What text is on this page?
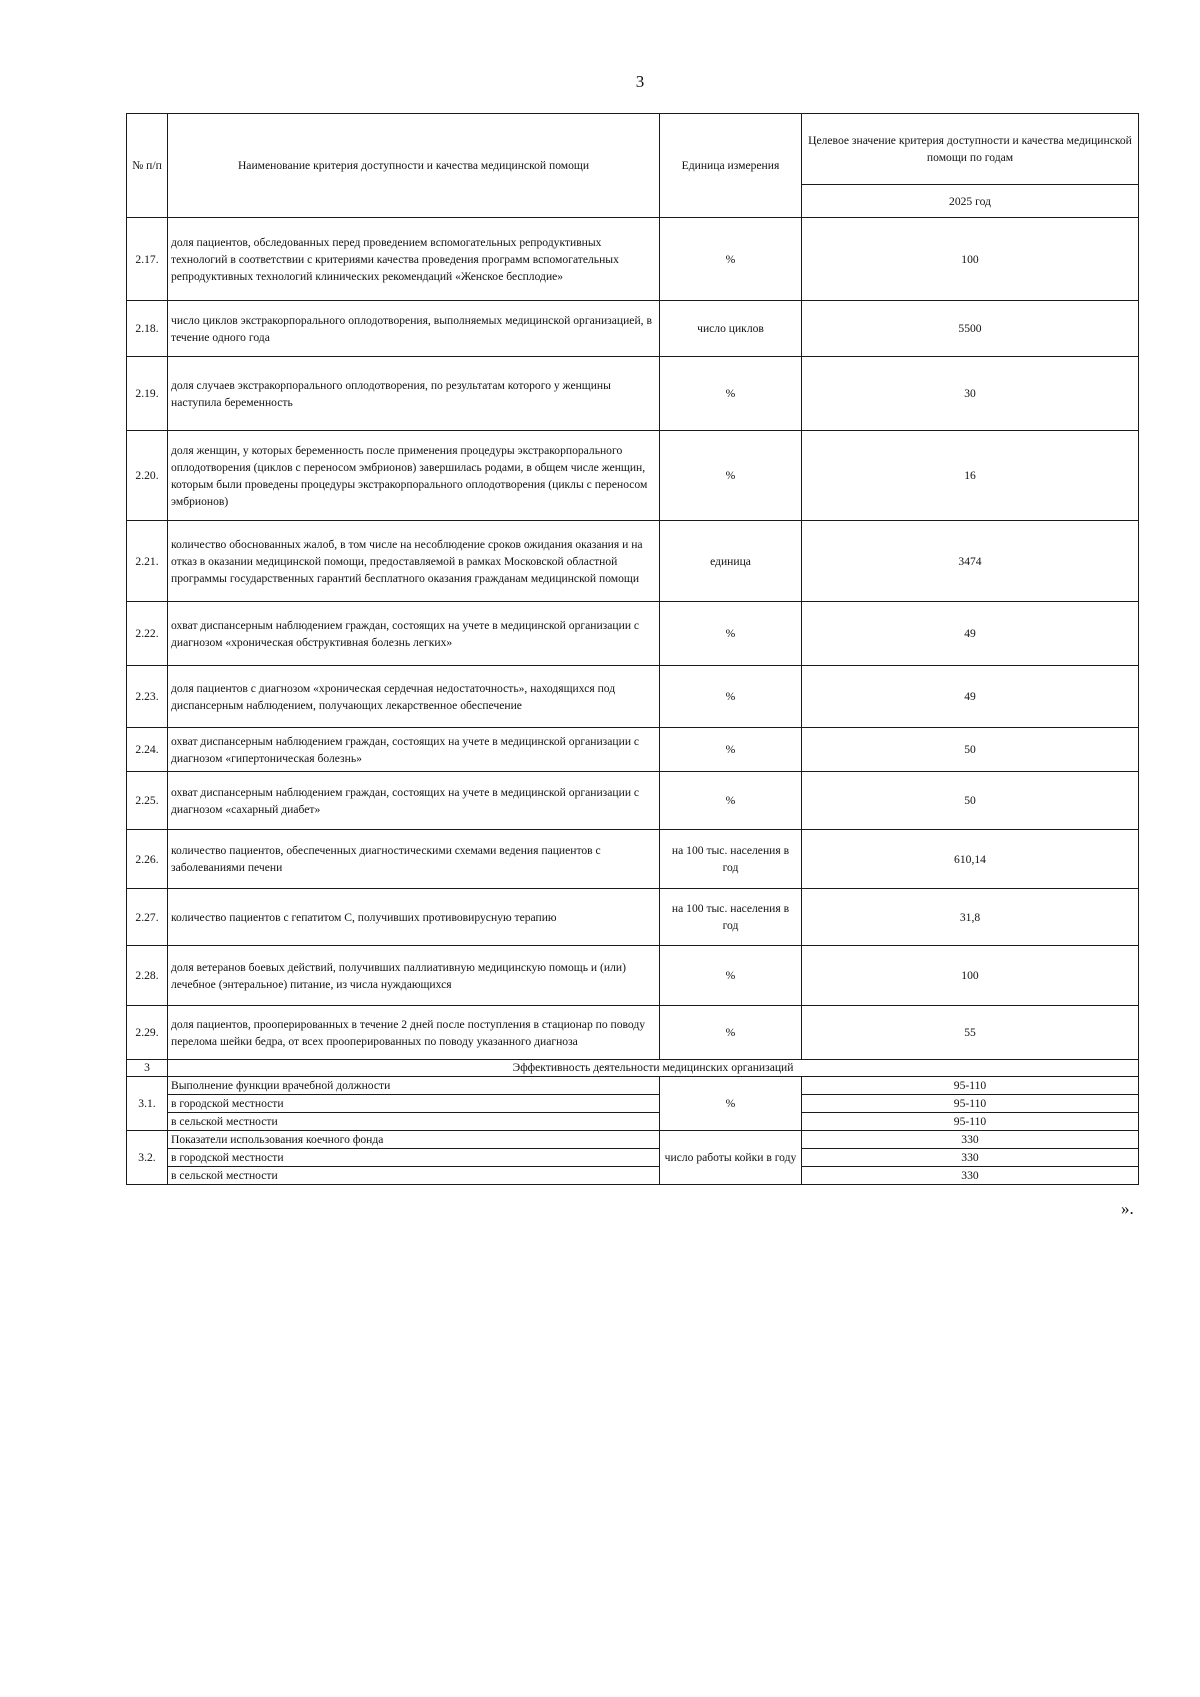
3
№ п/п	Наименование критерия доступности и качества медицинской помощи	Единица измерения	Целевое значение критерия доступности и качества медицинской помощи по годам
			2025 год
2.17.	доля пациентов, обследованных перед проведением вспомогательных репродуктивных технологий в соответствии с критериями качества проведения программ вспомогательных репродуктивных технологий клинических рекомендаций «Женское бесплодие»	%	100
2.18.	число циклов экстракорпорального оплодотворения, выполняемых медицинской организацией, в течение одного года	число циклов	5500
2.19.	доля случаев экстракорпорального оплодотворения, по результатам которого у женщины наступила беременность	%	30
2.20.	доля женщин, у которых беременность после применения процедуры экстракорпорального оплодотворения (циклов с переносом эмбрионов) завершилась родами, в общем числе женщин, которым были проведены процедуры экстракорпорального оплодотворения (циклы с переносом эмбрионов)	%	16
2.21.	количество обоснованных жалоб, в том числе на несоблюдение сроков ожидания оказания и на отказ в оказании медицинской помощи, предоставляемой в рамках Московской областной программы государственных гарантий бесплатного оказания гражданам медицинской помощи	единица	3474
2.22.	охват диспансерным наблюдением граждан, состоящих на учете в медицинской организации с диагнозом «хроническая обструктивная болезнь легких»	%	49
2.23.	доля пациентов с диагнозом «хроническая сердечная недостаточность», находящихся под диспансерным наблюдением, получающих лекарственное обеспечение	%	49
2.24.	охват диспансерным наблюдением граждан, состоящих на учете в медицинской организации с диагнозом «гипертоническая болезнь»	%	50
2.25.	охват диспансерным наблюдением граждан, состоящих на учете в медицинской организации с диагнозом «сахарный диабет»	%	50
2.26.	количество пациентов, обеспеченных диагностическими схемами ведения пациентов с заболеваниями печени	на 100 тыс. населения в год	610,14
2.27.	количество пациентов с гепатитом С, получивших противовирусную терапию	на 100 тыс. населения в год	31,8
2.28.	доля ветеранов боевых действий, получивших паллиативную медицинскую помощь и (или) лечебное (энтеральное) питание, из числа нуждающихся	%	100
2.29.	доля пациентов, прооперированных в течение 2 дней после поступления в стационар по поводу перелома шейки бедра, от всех прооперированных по поводу указанного диагноза	%	55
3	Эффективность деятельности медицинских организаций		
3.1.	Выполнение функции врачебной должности	%	95-110
	в городской местности		95-110
	в сельской местности		95-110
3.2.	Показатели использования коечного фонда	число работы койки в году	330
	в городской местности		330
	в сельской местности		330
».
